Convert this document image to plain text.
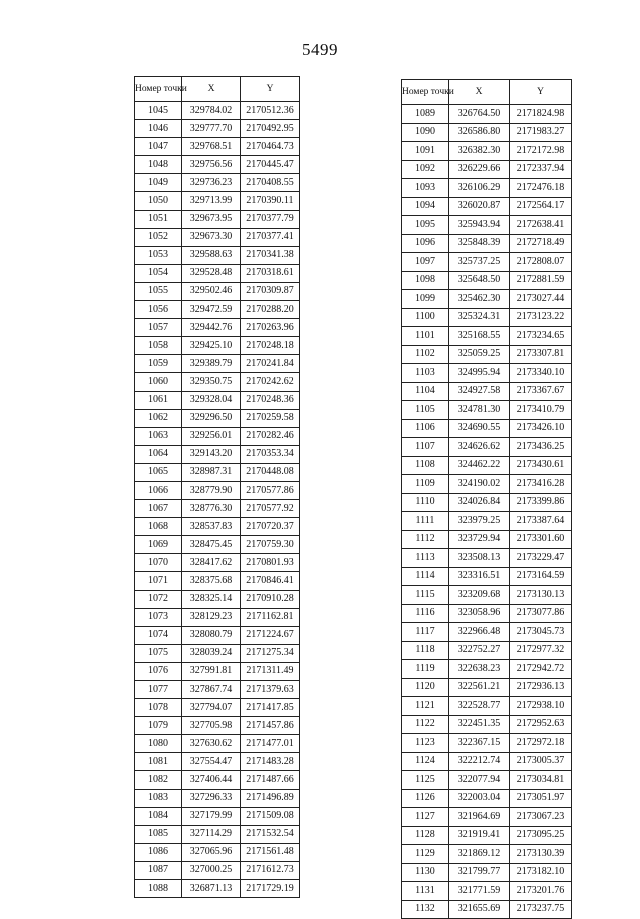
5499
Номер точки	X	Y
1045	329784.02	2170512.36
1046	329777.70	2170492.95
1047	329768.51	2170464.73
1048	329756.56	2170445.47
1049	329736.23	2170408.55
1050	329713.99	2170390.11
1051	329673.95	2170377.79
1052	329673.30	2170377.41
1053	329588.63	2170341.38
1054	329528.48	2170318.61
1055	329502.46	2170309.87
1056	329472.59	2170288.20
1057	329442.76	2170263.96
1058	329425.10	2170248.18
1059	329389.79	2170241.84
1060	329350.75	2170242.62
1061	329328.04	2170248.36
1062	329296.50	2170259.58
1063	329256.01	2170282.46
1064	329143.20	2170353.34
1065	328987.31	2170448.08
1066	328779.90	2170577.86
1067	328776.30	2170577.92
1068	328537.83	2170720.37
1069	328475.45	2170759.30
1070	328417.62	2170801.93
1071	328375.68	2170846.41
1072	328325.14	2170910.28
1073	328129.23	2171162.81
1074	328080.79	2171224.67
1075	328039.24	2171275.34
1076	327991.81	2171311.49
1077	327867.74	2171379.63
1078	327794.07	2171417.85
1079	327705.98	2171457.86
1080	327630.62	2171477.01
1081	327554.47	2171483.28
1082	327406.44	2171487.66
1083	327296.33	2171496.89
1084	327179.99	2171509.08
1085	327114.29	2171532.54
1086	327065.96	2171561.48
1087	327000.25	2171612.73
1088	326871.13	2171729.19
Номер точки	X	Y
1089	326764.50	2171824.98
1090	326586.80	2171983.27
1091	326382.30	2172172.98
1092	326229.66	2172337.94
1093	326106.29	2172476.18
1094	326020.87	2172564.17
1095	325943.94	2172638.41
1096	325848.39	2172718.49
1097	325737.25	2172808.07
1098	325648.50	2172881.59
1099	325462.30	2173027.44
1100	325324.31	2173123.22
1101	325168.55	2173234.65
1102	325059.25	2173307.81
1103	324995.94	2173340.10
1104	324927.58	2173367.67
1105	324781.30	2173410.79
1106	324690.55	2173426.10
1107	324626.62	2173436.25
1108	324462.22	2173430.61
1109	324190.02	2173416.28
1110	324026.84	2173399.86
1111	323979.25	2173387.64
1112	323729.94	2173301.60
1113	323508.13	2173229.47
1114	323316.51	2173164.59
1115	323209.68	2173130.13
1116	323058.96	2173077.86
1117	322966.48	2173045.73
1118	322752.27	2172977.32
1119	322638.23	2172942.72
1120	322561.21	2172936.13
1121	322528.77	2172938.10
1122	322451.35	2172952.63
1123	322367.15	2172972.18
1124	322212.74	2173005.37
1125	322077.94	2173034.81
1126	322003.04	2173051.97
1127	321964.69	2173067.23
1128	321919.41	2173095.25
1129	321869.12	2173130.39
1130	321799.77	2173182.10
1131	321771.59	2173201.76
1132	321655.69	2173237.75
